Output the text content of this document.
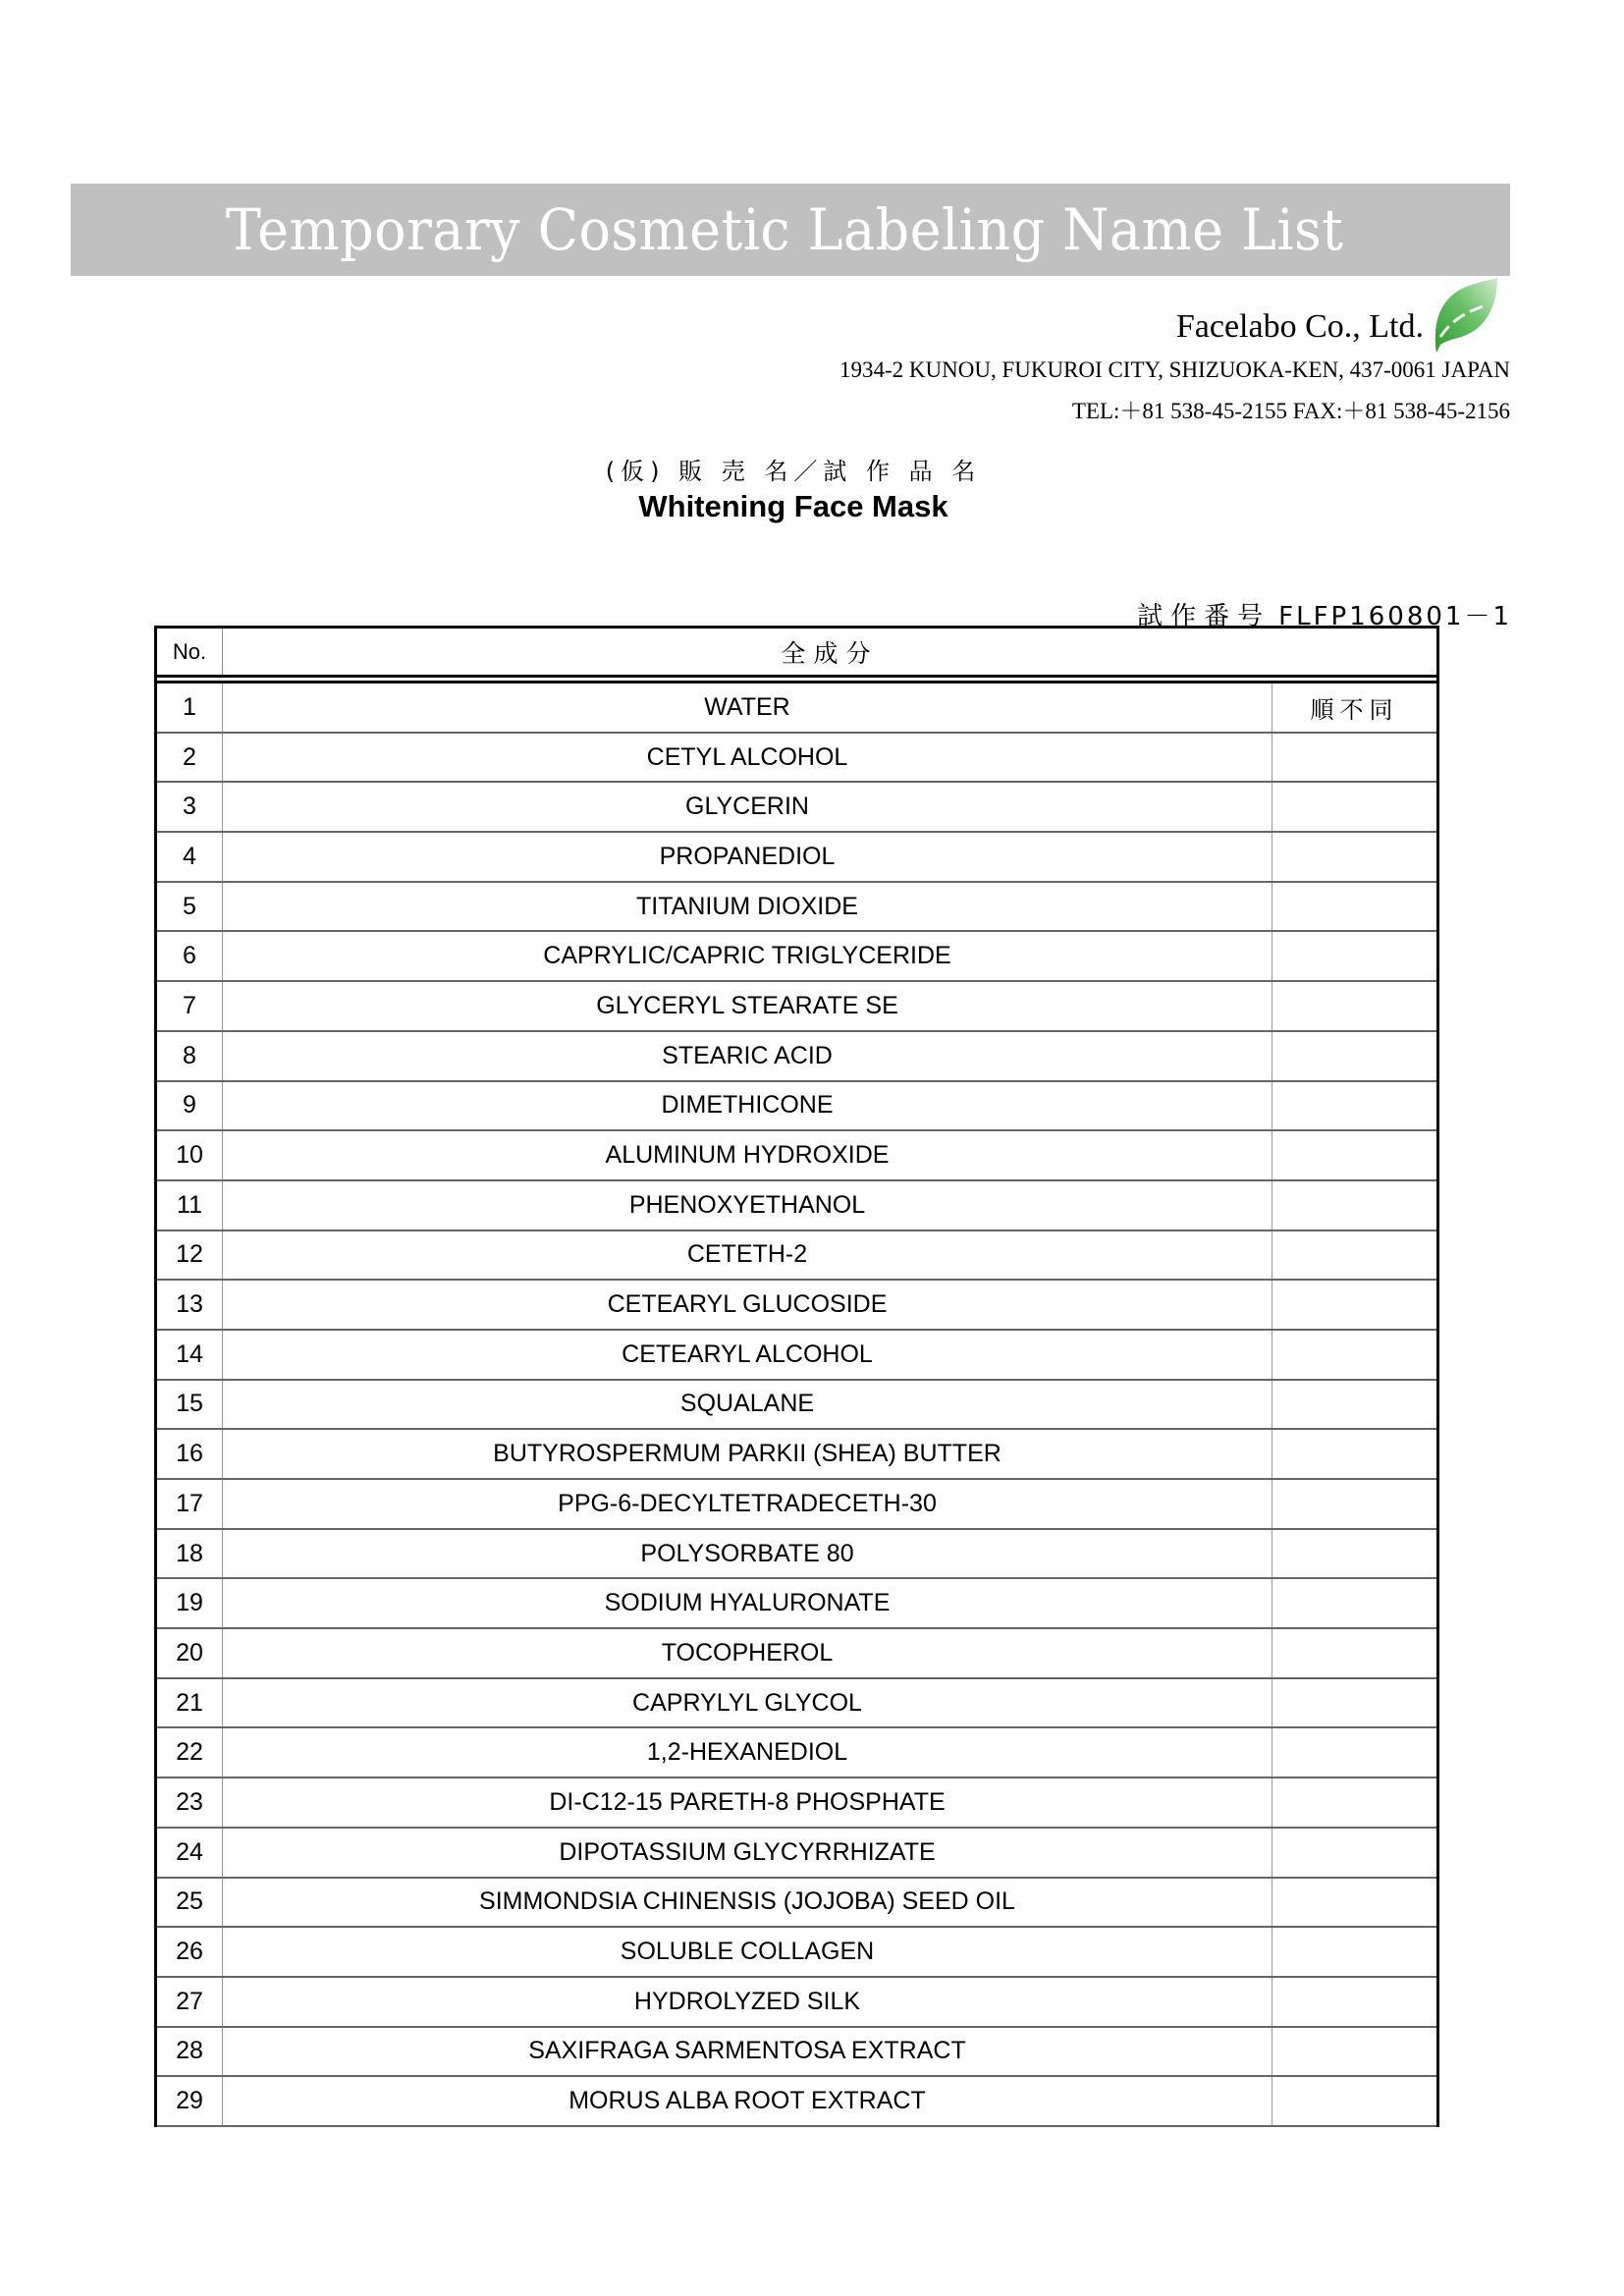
Temporary Cosmetic Labeling Name List
Facelabo Co., Ltd.
1934-2 KUNOU, FUKUROI CITY, SHIZUOKA-KEN, 437-0061 JAPAN
TEL:＋81 538-45-2155 FAX:＋81 538-45-2156
(仮) 販 売 名／試 作 品 名
Whitening Face Mask
試作番号 FLFP160801－1
No.	全成分
1	WATER	順不同
2	CETYL ALCOHOL
3	GLYCERIN
4	PROPANEDIOL
5	TITANIUM DIOXIDE
6	CAPRYLIC/CAPRIC TRIGLYCERIDE
7	GLYCERYL STEARATE SE
8	STEARIC ACID
9	DIMETHICONE
10	ALUMINUM HYDROXIDE
11	PHENOXYETHANOL
12	CETETH-2
13	CETEARYL GLUCOSIDE
14	CETEARYL ALCOHOL
15	SQUALANE
16	BUTYROSPERMUM PARKII (SHEA) BUTTER
17	PPG-6-DECYLTETRADECETH-30
18	POLYSORBATE 80
19	SODIUM HYALURONATE
20	TOCOPHEROL
21	CAPRYLYL GLYCOL
22	1,2-HEXANEDIOL
23	DI-C12-15 PARETH-8 PHOSPHATE
24	DIPOTASSIUM GLYCYRRHIZATE
25	SIMMONDSIA CHINENSIS (JOJOBA) SEED OIL
26	SOLUBLE COLLAGEN
27	HYDROLYZED SILK
28	SAXIFRAGA SARMENTOSA EXTRACT
29	MORUS ALBA ROOT EXTRACT
